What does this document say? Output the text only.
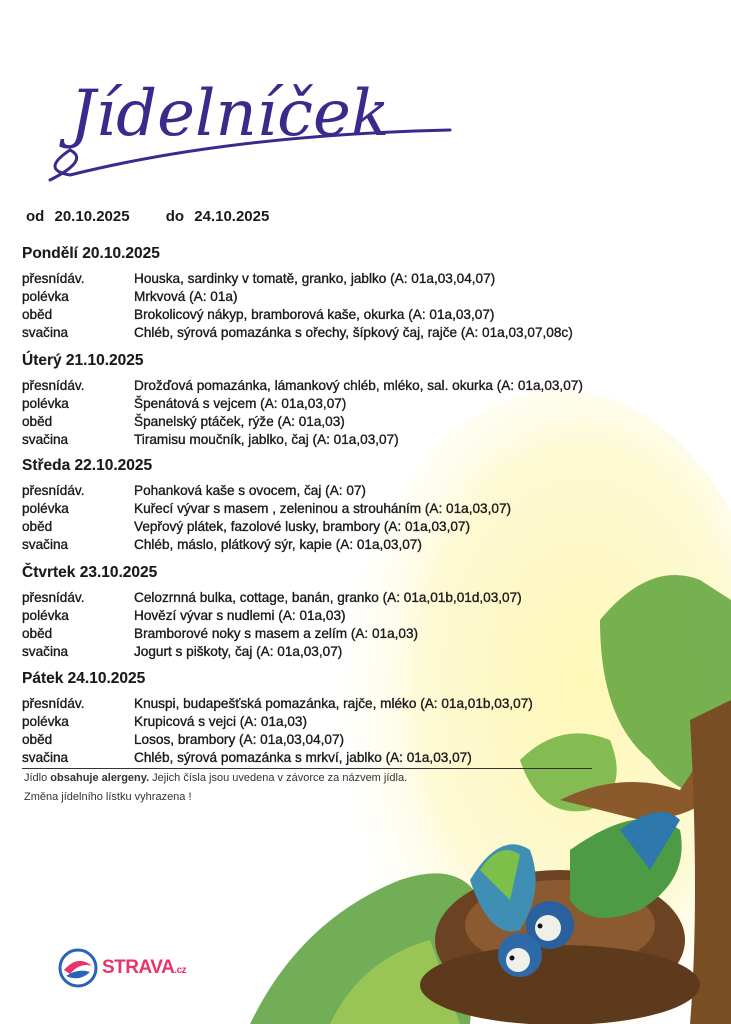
Jídelníček
od 20.10.2025 do 24.10.2025
Pondělí 20.10.2025
přesnídáv.	Houska, sardinky v tomatě, granko, jablko (A: 01a,03,04,07)
polévka	Mrkvová (A: 01a)
oběd	Brokolicový nákyp, bramborová kaše, okurka (A: 01a,03,07)
svačina	Chléb, sýrová pomazánka s ořechy, šípkový čaj, rajče (A: 01a,03,07,08c)
Úterý 21.10.2025
přesnídáv.	Drožďová pomazánka, lámankový chléb, mléko, sal. okurka (A: 01a,03,07)
polévka	Špenátová s vejcem (A: 01a,03,07)
oběd	Španelský ptáček, rýže (A: 01a,03)
svačina	Tiramisu moučník, jablko, čaj (A: 01a,03,07)
Středa 22.10.2025
přesnídáv.	Pohanková kaše s ovocem, čaj (A: 07)
polévka	Kuřecí vývar s masem , zeleninou a strouháním (A: 01a,03,07)
oběd	Vepřový plátek, fazolové lusky, brambory (A: 01a,03,07)
svačina	Chléb, máslo, plátkový sýr, kapie (A: 01a,03,07)
Čtvrtek 23.10.2025
přesnídáv.	Celozrnná bulka, cottage, banán, granko (A: 01a,01b,01d,03,07)
polévka	Hovězí vývar s nudlemi (A: 01a,03)
oběd	Bramborové noky s masem a zelím (A: 01a,03)
svačina	Jogurt s piškoty, čaj (A: 01a,03,07)
Pátek 24.10.2025
přesnídáv.	Knuspi, budapešťská pomazánka, rajče, mléko (A: 01a,01b,03,07)
polévka	Krupicová s vejci (A: 01a,03)
oběd	Losos, brambory (A: 01a,03,04,07)
svačina	Chléb, sýrová pomazánka s mrkví, jablko (A: 01a,03,07)
Jídlo obsahuje alergeny. Jejich čísla jsou uvedena v závorce za názvem jídla.
Změna jídelního lístku vyhrazena !
STRAVA.cz
